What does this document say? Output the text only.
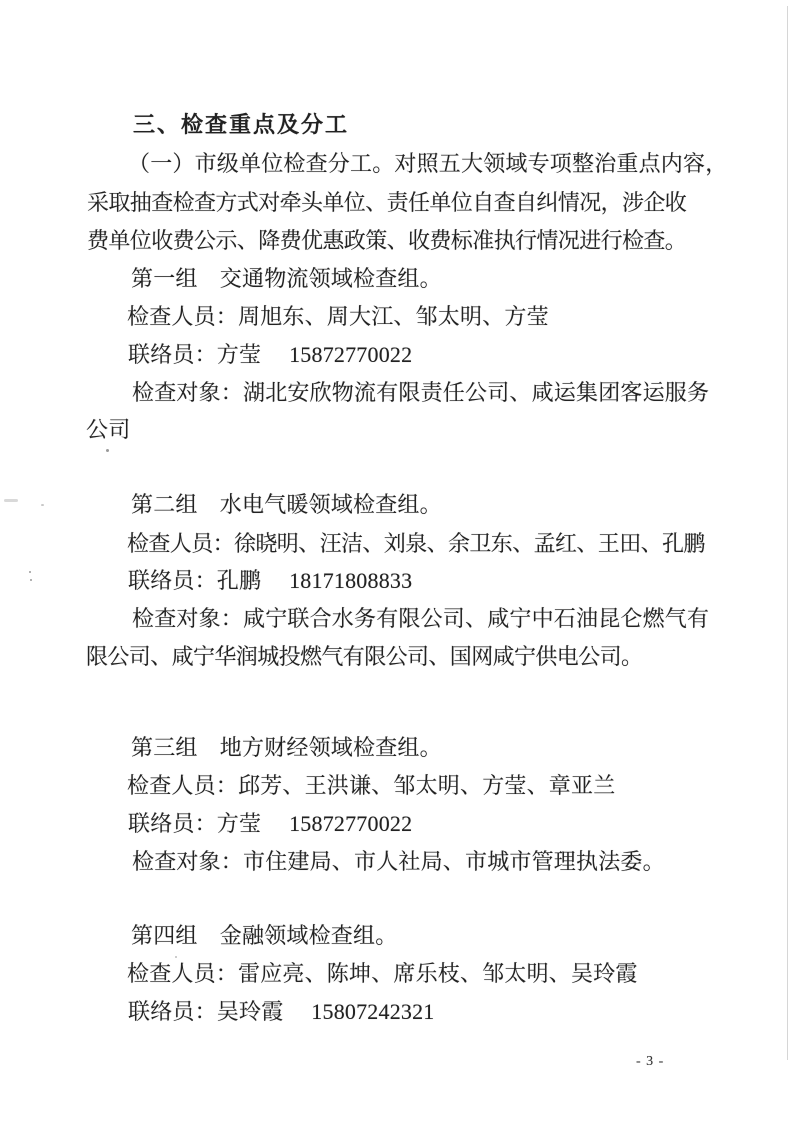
三、检查重点及分工
（一）市级单位检查分工。对照五大领域专项整治重点内容，
采取抽查检查方式对牵头单位、责任单位自查自纠情况，涉企收
费单位收费公示、降费优惠政策、收费标准执行情况进行检查。
第一组　交通物流领域检查组。
检查人员：周旭东、周大江、邹太明、方莹
联络员：方莹　 15872770022
检查对象：湖北安欣物流有限责任公司、咸运集团客运服务
公司
第二组　水电气暖领域检查组。
检查人员：徐晓明、汪洁、刘泉、余卫东、孟红、王田、孔鹏
联络员：孔鹏　 18171808833
检查对象：咸宁联合水务有限公司、咸宁中石油昆仑燃气有
限公司、咸宁华润城投燃气有限公司、国网咸宁供电公司。
第三组　地方财经领域检查组。
检查人员：邱芳、王洪谦、邹太明、方莹、章亚兰
联络员：方莹　 15872770022
检查对象：市住建局、市人社局、市城市管理执法委。
第四组　金融领域检查组。
检查人员：雷应亮、陈坤、席乐枝、邹太明、吴玲霞
联络员：吴玲霞　 15807242321
- 3 -
